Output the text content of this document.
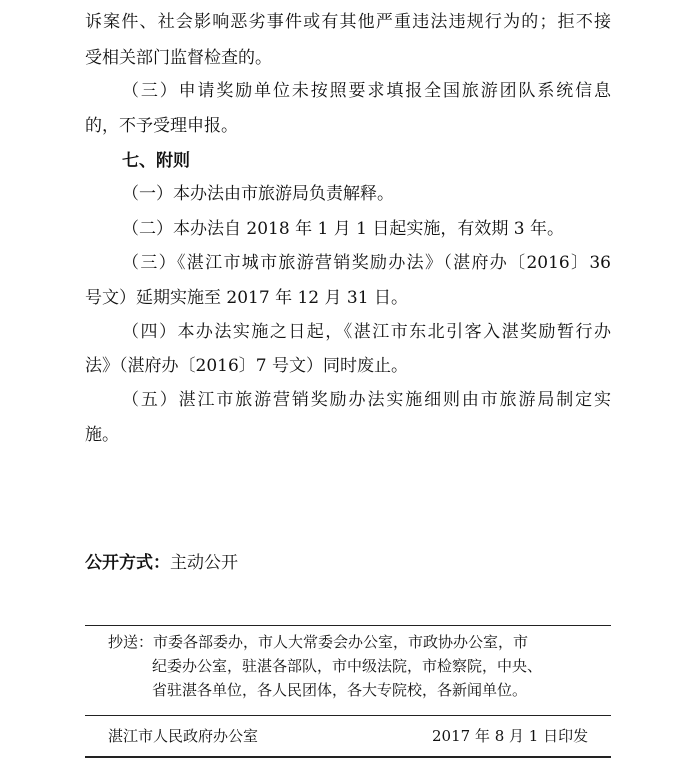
诉案件、社会影响恶劣事件或有其他严重违法违规行为的；拒不接
受相关部门监督检查的。
（三）申请奖励单位未按照要求填报全国旅游团队系统信息
的，不予受理申报。
七、附则
（一）本办法由市旅游局负责解释。
（二）本办法自 2018 年 1 月 1 日起实施，有效期 3 年。
（三）《湛江市城市旅游营销奖励办法》（湛府办〔2016〕36
号文）延期实施至 2017 年 12 月 31 日。
（四）本办法实施之日起，《湛江市东北引客入湛奖励暂行办
法》（湛府办〔2016〕7 号文）同时废止。
（五）湛江市旅游营销奖励办法实施细则由市旅游局制定实
施。
公开方式：主动公开
抄送：市委各部委办，市人大常委会办公室，市政协办公室，市
纪委办公室，驻湛各部队，市中级法院，市检察院，中央、
省驻湛各单位，各人民团体，各大专院校，各新闻单位。
湛江市人民政府办公室	2017 年 8 月 1 日印发
